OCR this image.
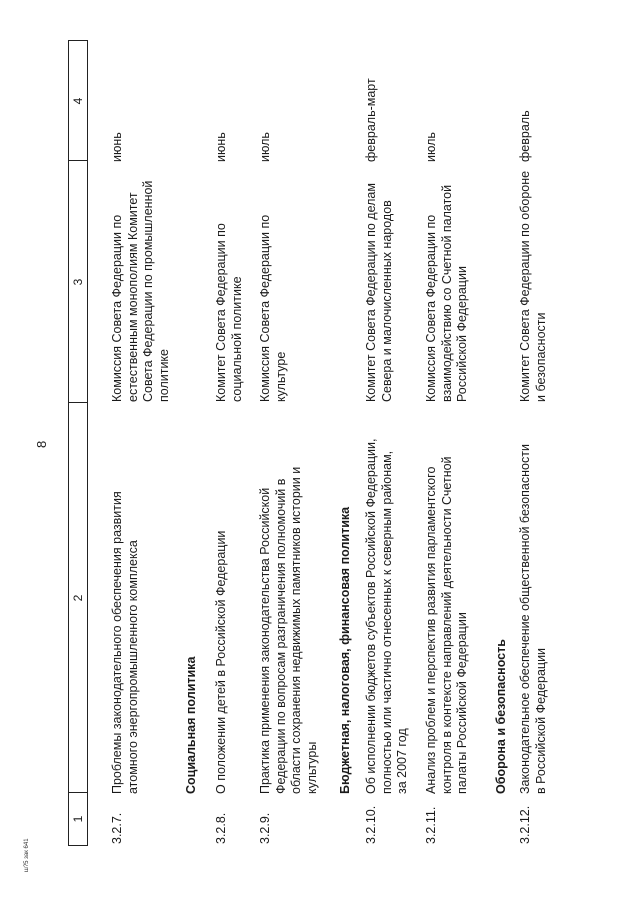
8
1
2
3
4
3.2.7.
Проблемы законодательного обеспечения развития атомного энергопромышленного комплекса
Комиссия Совета Федерации по естественным монополиям Комитет Совета Федерации по промышленной политике
июнь
Социальная политика
3.2.8.
О положении детей в Российской Федерации
Комитет Совета Федерации по социальной политике
июнь
3.2.9.
Практика применения законодательства Российской Федерации по вопросам разграничения полномочий в области сохранения недвижимых памятников истории и культуры
Комиссия Совета Федерации по культуре
июль
Бюджетная, налоговая, финансовая политика
3.2.10.
Об исполнении бюджетов субъектов Российской Федерации, полностью или частично отнесенных к северным районам, за 2007 год
Комитет Совета Федерации по делам Севера и малочисленных народов
февраль-март
3.2.11.
Анализ проблем и перспектив развития парламентского контроля в контексте направлений деятельности Счетной палаты Российской Федерации
Комиссия Совета Федерации по взаимодействию со Счетной палатой Российской Федерации
июль
Оборона и безопасность
3.2.12.
Законодательное обеспечение общественной безопасности в Российской Федерации
Комитет Совета Федерации по обороне и безопасности
февраль
ш?5 зак 641
